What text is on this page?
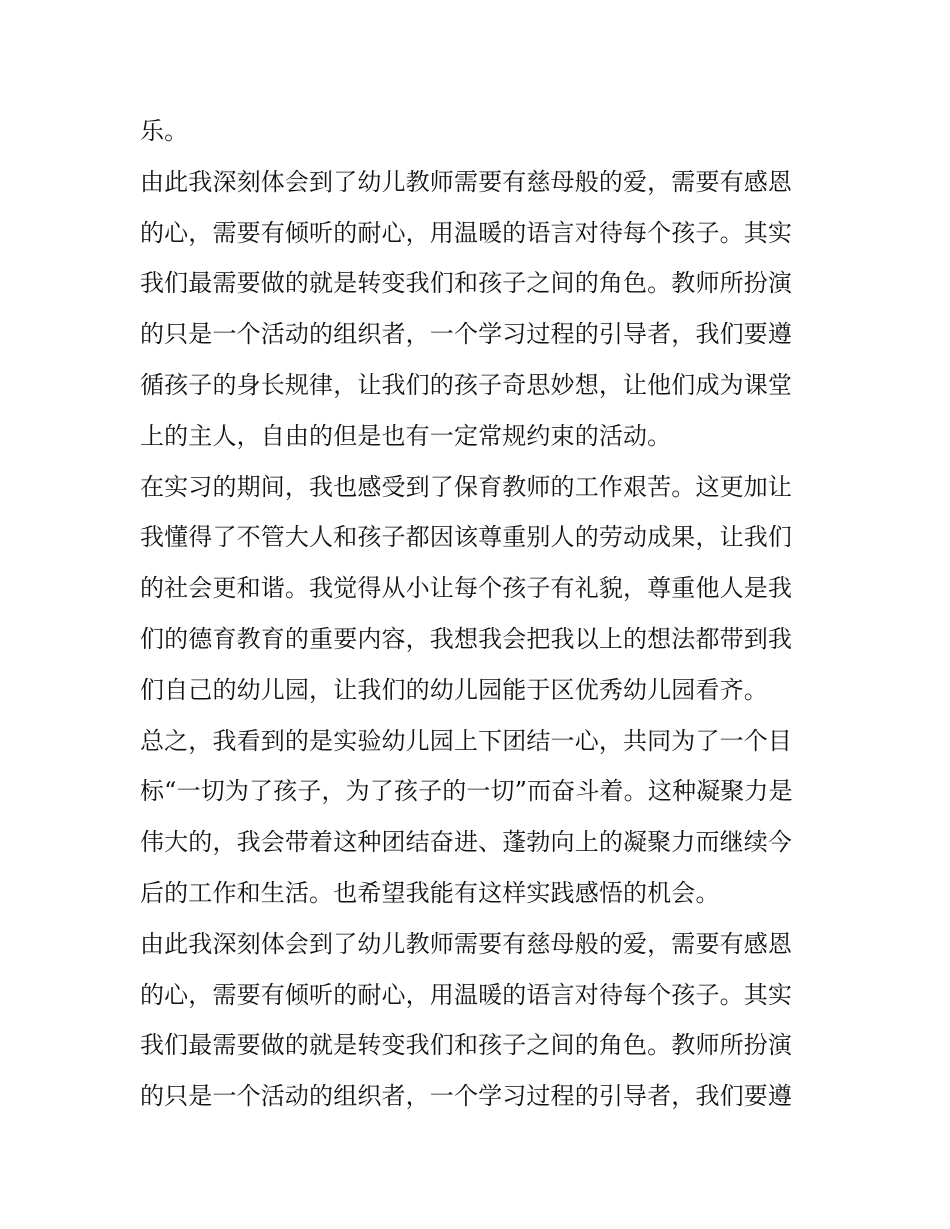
乐。
由此我深刻体会到了幼儿教师需要有慈母般的爱，需要有感恩
的心，需要有倾听的耐心，用温暖的语言对待每个孩子。其实
我们最需要做的就是转变我们和孩子之间的角色。教师所扮演
的只是一个活动的组织者，一个学习过程的引导者，我们要遵
循孩子的身长规律，让我们的孩子奇思妙想，让他们成为课堂
上的主人，自由的但是也有一定常规约束的活动。
在实习的期间，我也感受到了保育教师的工作艰苦。这更加让
我懂得了不管大人和孩子都因该尊重别人的劳动成果，让我们
的社会更和谐。我觉得从小让每个孩子有礼貌，尊重他人是我
们的德育教育的重要内容，我想我会把我以上的想法都带到我
们自己的幼儿园，让我们的幼儿园能于区优秀幼儿园看齐。
总之，我看到的是实验幼儿园上下团结一心，共同为了一个目
标“一切为了孩子，为了孩子的一切”而奋斗着。这种凝聚力是
伟大的，我会带着这种团结奋进、蓬勃向上的凝聚力而继续今
后的工作和生活。也希望我能有这样实践感悟的机会。
由此我深刻体会到了幼儿教师需要有慈母般的爱，需要有感恩
的心，需要有倾听的耐心，用温暖的语言对待每个孩子。其实
我们最需要做的就是转变我们和孩子之间的角色。教师所扮演
的只是一个活动的组织者，一个学习过程的引导者，我们要遵
